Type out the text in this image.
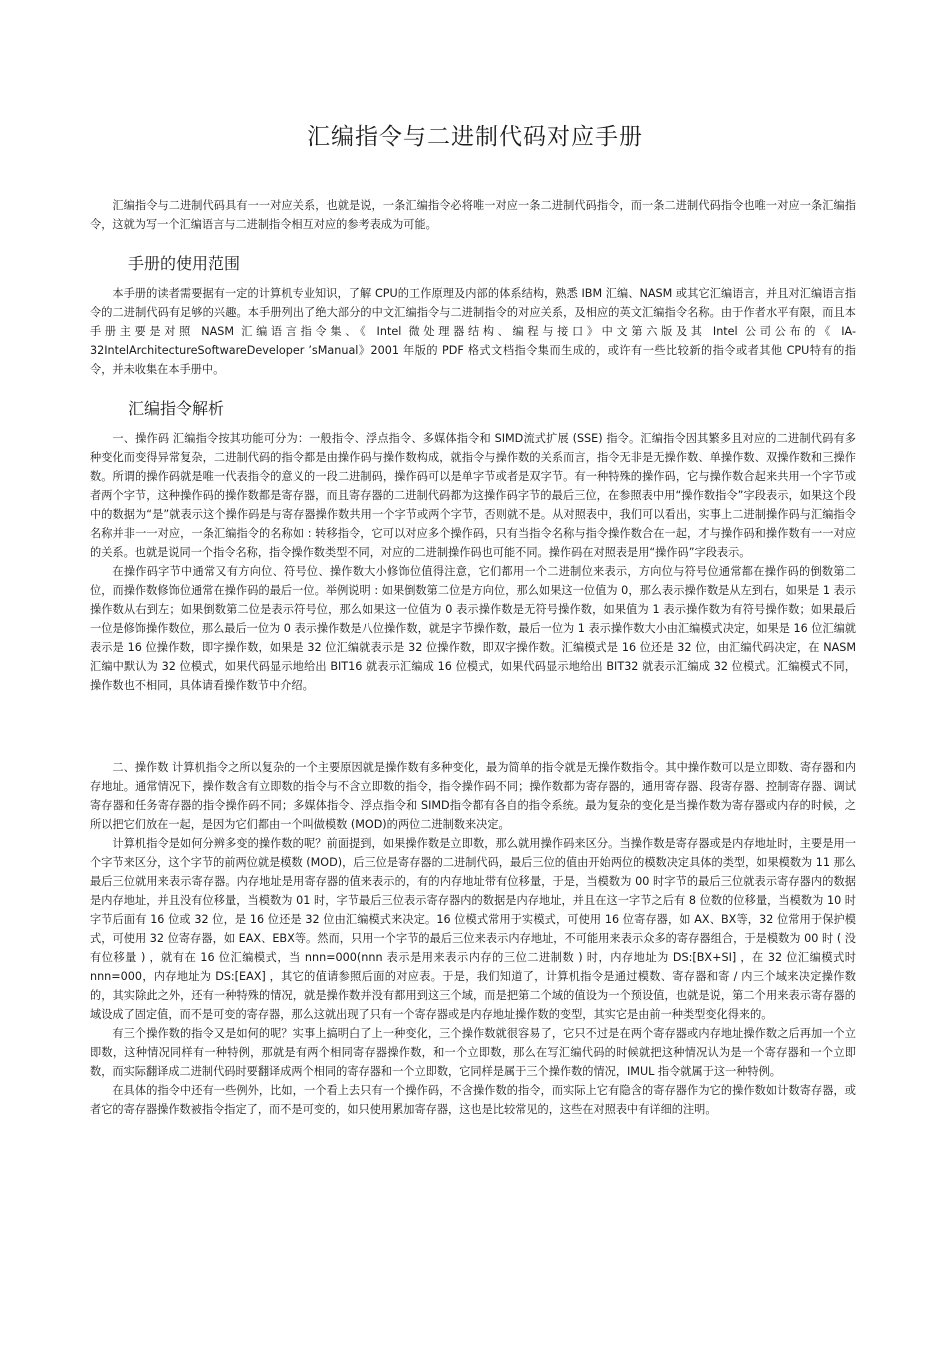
汇编指令与二进制代码对应手册

汇编指令与二进制代码具有一一对应关系，也就是说，一条汇编指令必将唯一对应一条二进制代码指令，而一条二进制代码指令也唯一对应一条汇编指令，这就为写一个汇编语言与二进制指令相互对应的参考表成为可能。

手册的使用范围

本手册的读者需要据有一定的计算机专业知识，了解 CPU的工作原理及内部的体系结构，熟悉 IBM 汇编、NASM 或其它汇编语言，并且对汇编语言指令的二进制代码有足够的兴趣。本手册列出了绝大部分的中文汇编指令与二进制指令的对应关系，及相应的英文汇编指令名称。由于作者水平有限，而且本手册主要是对照 NASM 汇编语言指令集、《 Intel 微处理器结构、编程与接口》中文第六版及其 Intel 公司公布的《 IA-32IntelArchitectureSoftwareDeveloper ’sManual》2001 年版的 PDF 格式文档指令集而生成的，或许有一些比较新的指令或者其他 CPU特有的指令，并未收集在本手册中。

汇编指令解析

一、操作码 汇编指令按其功能可分为：一般指令、浮点指令、多媒体指令和 SIMD流式扩展 (SSE) 指令。汇编指令因其繁多且对应的二进制代码有多种变化而变得异常复杂，二进制代码的指令都是由操作码与操作数构成，就指令与操作数的关系而言，指令无非是无操作数、单操作数、双操作数和三操作数。所谓的操作码就是唯一代表指令的意义的一段二进制码，操作码可以是单字节或者是双字节。有一种特殊的操作码，它与操作数合起来共用一个字节或者两个字节，这种操作码的操作数都是寄存器，而且寄存器的二进制代码都为这操作码字节的最后三位，在参照表中用“操作数指令”字段表示，如果这个段中的数据为“是”就表示这个操作码是与寄存器操作数共用一个字节或两个字节，否则就不是。从对照表中，我们可以看出，实事上二进制操作码与汇编指令名称并非一一对应，一条汇编指令的名称如 : 转移指令，它可以对应多个操作码，只有当指令名称与指令操作数合在一起，才与操作码和操作数有一一对应的关系。也就是说同一个指令名称，指令操作数类型不同，对应的二进制操作码也可能不同。操作码在对照表是用“操作码”字段表示。

在操作码字节中通常又有方向位、符号位、操作数大小修饰位值得注意，它们都用一个二进制位来表示，方向位与符号位通常都在操作码的倒数第二位，而操作数修饰位通常在操作码的最后一位。举例说明 : 如果倒数第二位是方向位，那么如果这一位值为 0，那么表示操作数是从左到右，如果是 1 表示操作数从右到左；如果倒数第二位是表示符号位，那么如果这一位值为 0 表示操作数是无符号操作数，如果值为 1 表示操作数为有符号操作数；如果最后一位是修饰操作数位，那么最后一位为 0 表示操作数是八位操作数，就是字节操作数，最后一位为 1 表示操作数大小由汇编模式决定，如果是 16 位汇编就表示是 16 位操作数，即字操作数，如果是 32 位汇编就表示是 32 位操作数，即双字操作数。汇编模式是 16 位还是 32 位，由汇编代码决定，在 NASM汇编中默认为 32 位模式，如果代码显示地给出 BIT16 就表示汇编成 16 位模式，如果代码显示地给出 BIT32 就表示汇编成 32 位模式。汇编模式不同，操作数也不相同，具体请看操作数节中介绍。

二、操作数 计算机指令之所以复杂的一个主要原因就是操作数有多种变化，最为简单的指令就是无操作数指令。其中操作数可以是立即数、寄存器和内存地址。通常情况下，操作数含有立即数的指令与不含立即数的指令，指令操作码不同；操作数都为寄存器的，通用寄存器、段寄存器、控制寄存器、调试寄存器和任务寄存器的指令操作码不同；多媒体指令、浮点指令和 SIMD指令都有各自的指令系统。最为复杂的变化是当操作数为寄存器或内存的时候，之所以把它们放在一起，是因为它们都由一个叫做模数 (MOD)的两位二进制数来决定。

计算机指令是如何分辨多变的操作数的呢？前面提到，如果操作数是立即数，那么就用操作码来区分。当操作数是寄存器或是内存地址时，主要是用一个字节来区分，这个字节的前两位就是模数 (MOD)，后三位是寄存器的二进制代码，最后三位的值由开始两位的模数决定具体的类型，如果模数为 11 那么最后三位就用来表示寄存器。内存地址是用寄存器的值来表示的，有的内存地址带有位移量，于是，当模数为 00 时字节的最后三位就表示寄存器内的数据是内存地址，并且没有位移量，当模数为 01 时，字节最后三位表示寄存器内的数据是内存地址，并且在这一字节之后有 8 位数的位移量，当模数为 10 时字节后面有 16 位或 32 位，是 16 位还是 32 位由汇编模式来决定。16 位模式常用于实模式，可使用 16 位寄存器，如 AX、BX等，32 位常用于保护模式，可使用 32 位寄存器，如 EAX、EBX等。然而，只用一个字节的最后三位来表示内存地址，不可能用来表示众多的寄存器组合，于是模数为 00 时 ( 没有位移量 ) ，就有在 16 位汇编模式，当 nnn=000(nnn 表示是用来表示内存的三位二进制数 ) 时，内存地址为 DS:[BX+SI] ，在 32 位汇编模式时 nnn=000，内存地址为 DS:[EAX] ，其它的值请参照后面的对应表。于是，我们知道了，计算机指令是通过模数、寄存器和寄 / 内三个域来决定操作数的，其实除此之外，还有一种特殊的情况，就是操作数并没有都用到这三个域，而是把第二个域的值设为一个预设值，也就是说，第二个用来表示寄存器的域设成了固定值，而不是可变的寄存器，那么这就出现了只有一个寄存器或是内存地址操作数的变型，其实它是由前一种类型变化得来的。

有三个操作数的指令又是如何的呢？实事上搞明白了上一种变化，三个操作数就很容易了，它只不过是在两个寄存器或内存地址操作数之后再加一个立即数，这种情况同样有一种特例，那就是有两个相同寄存器操作数，和一个立即数，那么在写汇编代码的时候就把这种情况认为是一个寄存器和一个立即数，而实际翻译成二进制代码时要翻译成两个相同的寄存器和一个立即数，它同样是属于三个操作数的情况，IMUL 指令就属于这一种特例。

在具体的指令中还有一些例外，比如，一个看上去只有一个操作码，不含操作数的指令，而实际上它有隐含的寄存器作为它的操作数如计数寄存器，或者它的寄存器操作数被指令指定了，而不是可变的，如只使用累加寄存器，这也是比较常见的，这些在对照表中有详细的注明。
